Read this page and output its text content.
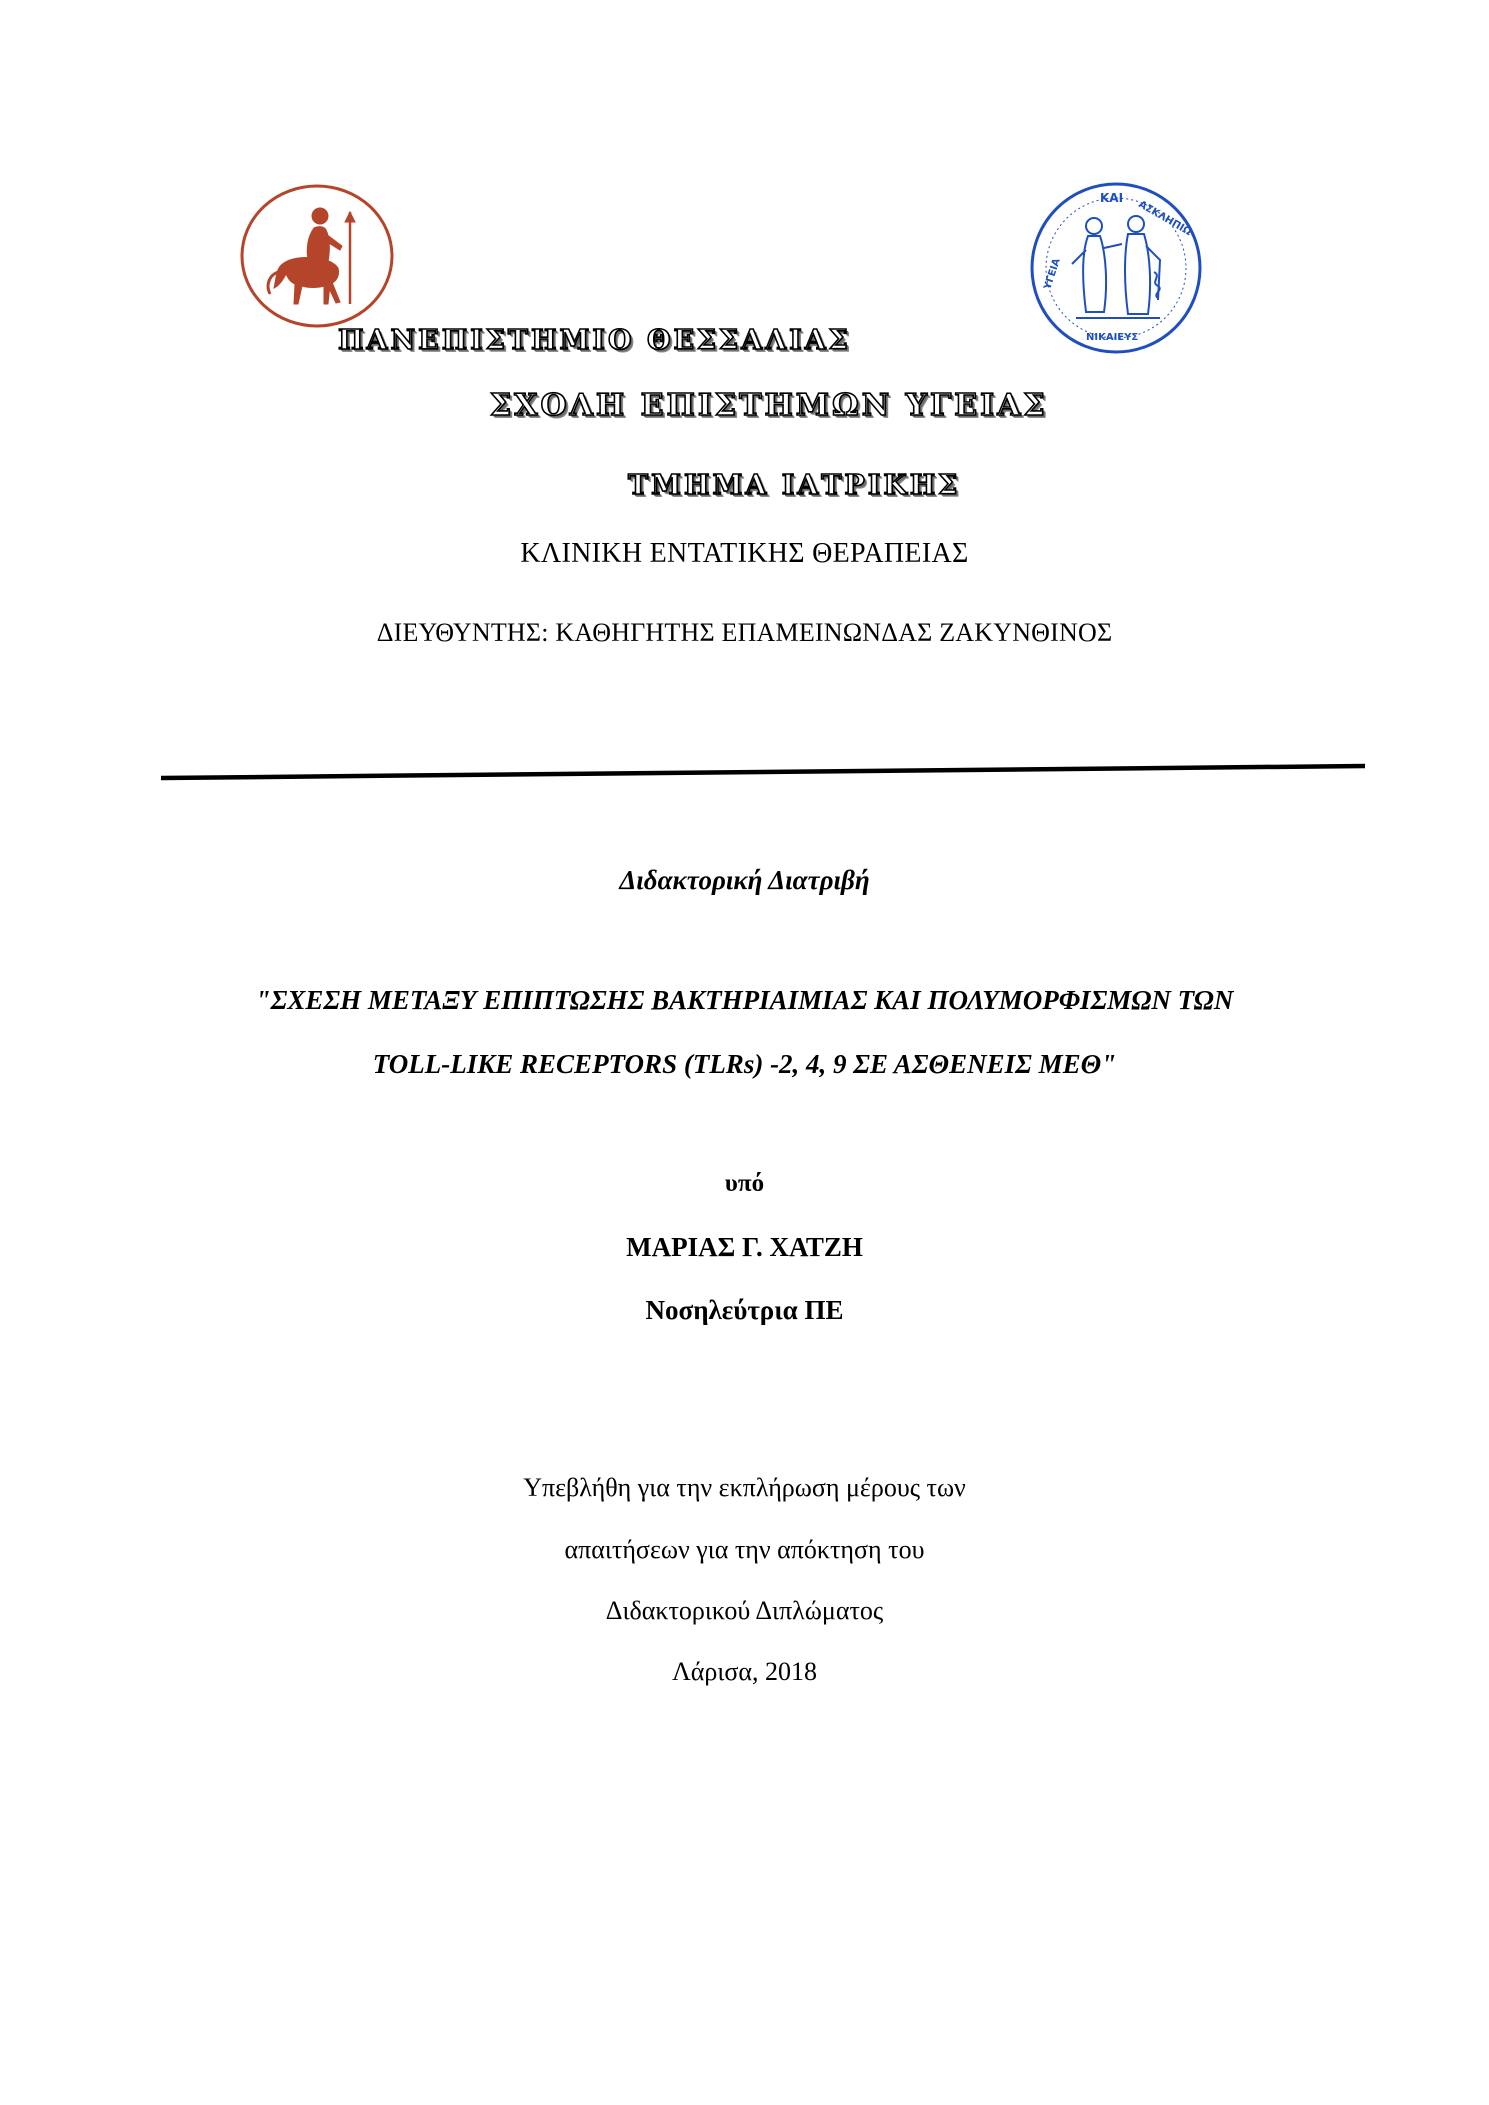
ΚΑΙ
ΑΣΚΛΗΠΙΩ
ΥΓΕΙΑ
ΝΙΚΑΙΕΥΣ
ΠΑΝΕΠΙΣΤΗΜΙΟ ΘΕΣΣΑΛΙΑΣ
ΣΧΟΛΗ ΕΠΙΣΤΗΜΩΝ ΥΓΕΙΑΣ
ΤΜΗΜΑ ΙΑΤΡΙΚΗΣ
ΚΛΙΝΙΚΗ ΕΝΤΑΤΙΚΗΣ ΘΕΡΑΠΕΙΑΣ
ΔΙΕΥΘΥΝΤΗΣ: ΚΑΘΗΓΗΤΗΣ ΕΠΑΜΕΙΝΩΝΔΑΣ ΖΑΚΥΝΘΙΝΟΣ
Διδακτορική Διατριβή
"ΣΧΕΣΗ ΜΕΤΑΞΥ ΕΠΙΠΤΩΣΗΣ ΒΑΚΤΗΡΙΑΙΜΙΑΣ ΚΑΙ ΠΟΛΥΜΟΡΦΙΣΜΩΝ ΤΩΝ
TOLL-LIKE RECEPTORS (TLRs) -2, 4, 9 ΣΕ ΑΣΘΕΝΕΙΣ ΜΕΘ"
υπό
ΜΑΡΙΑΣ Γ. ΧΑΤΖΗ
Νοσηλεύτρια ΠΕ
Υπεβλήθη για την εκπλήρωση μέρους των
απαιτήσεων για την απόκτηση του
Διδακτορικού Διπλώματος
Λάρισα, 2018
